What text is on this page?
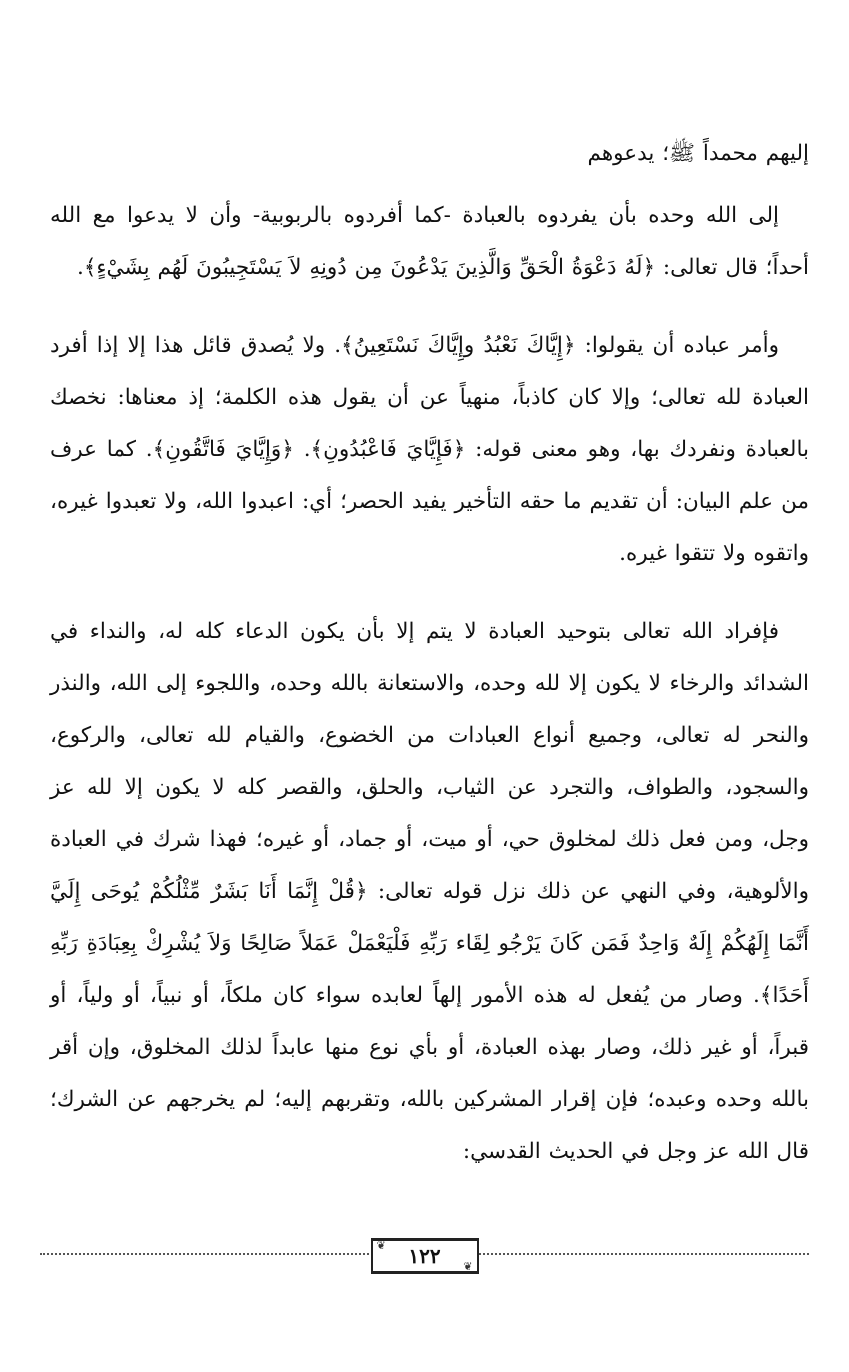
إليهم محمداً ﷺ؛ يدعوهم

إلى الله وحده بأن يفردوه بالعبادة -كما أفردوه بالربوبية- وأن لا يدعوا مع الله أحداً؛ قال تعالى: ﴿لَهُ دَعْوَةُ الْحَقِّ وَالَّذِينَ يَدْعُونَ مِن دُونِهِ لاَ يَسْتَجِيبُونَ لَهُم بِشَيْءٍ﴾.

وأمر عباده أن يقولوا: ﴿إِيَّاكَ نَعْبُدُ وإِيَّاكَ نَسْتَعِينُ﴾. ولا يُصدق قائل هذا إلا إذا أفرد العبادة لله تعالى؛ وإلا كان كاذباً، منهياً عن أن يقول هذه الكلمة؛ إذ معناها: نخصك بالعبادة ونفردك بها، وهو معنى قوله: ﴿فَإِيَّايَ فَاعْبُدُونِ﴾. ﴿وَإِيَّايَ فَاتَّقُونِ﴾. كما عرف من علم البيان: أن تقديم ما حقه التأخير يفيد الحصر؛ أي: اعبدوا الله، ولا تعبدوا غيره، واتقوه ولا تتقوا غيره.

فإفراد الله تعالى بتوحيد العبادة لا يتم إلا بأن يكون الدعاء كله له، والنداء في الشدائد والرخاء لا يكون إلا لله وحده، والاستعانة بالله وحده، واللجوء إلى الله، والنذر والنحر له تعالى، وجميع أنواع العبادات من الخضوع، والقيام لله تعالى، والركوع، والسجود، والطواف، والتجرد عن الثياب، والحلق، والقصر كله لا يكون إلا لله عز وجل، ومن فعل ذلك لمخلوق حي، أو ميت، أو جماد، أو غيره؛ فهذا شرك في العبادة والألوهية، وفي النهي عن ذلك نزل قوله تعالى: ﴿قُلْ إِنَّمَا أَنَا بَشَرٌ مِّثْلُكُمْ يُوحَى إِلَيَّ أَنَّمَا إِلَهُكُمْ إِلَهٌ وَاحِدٌ فَمَن كَانَ يَرْجُو لِقَاء رَبِّهِ فَلْيَعْمَلْ عَمَلاً صَالِحًا وَلاَ يُشْرِكْ بِعِبَادَةِ رَبِّهِ أَحَدًا﴾. وصار من يُفعل له هذه الأمور إلهاً لعابده سواء كان ملكاً، أو نبياً، أو ولياً، أو قبراً، أو غير ذلك، وصار بهذه العبادة، أو بأي نوع منها عابداً لذلك المخلوق، وإن أقر بالله وحده وعبده؛ فإن إقرار المشركين بالله، وتقربهم إليه؛ لم يخرجهم عن الشرك؛ قال الله عز وجل في الحديث القدسي:

❦ ١٢٢ ❦
